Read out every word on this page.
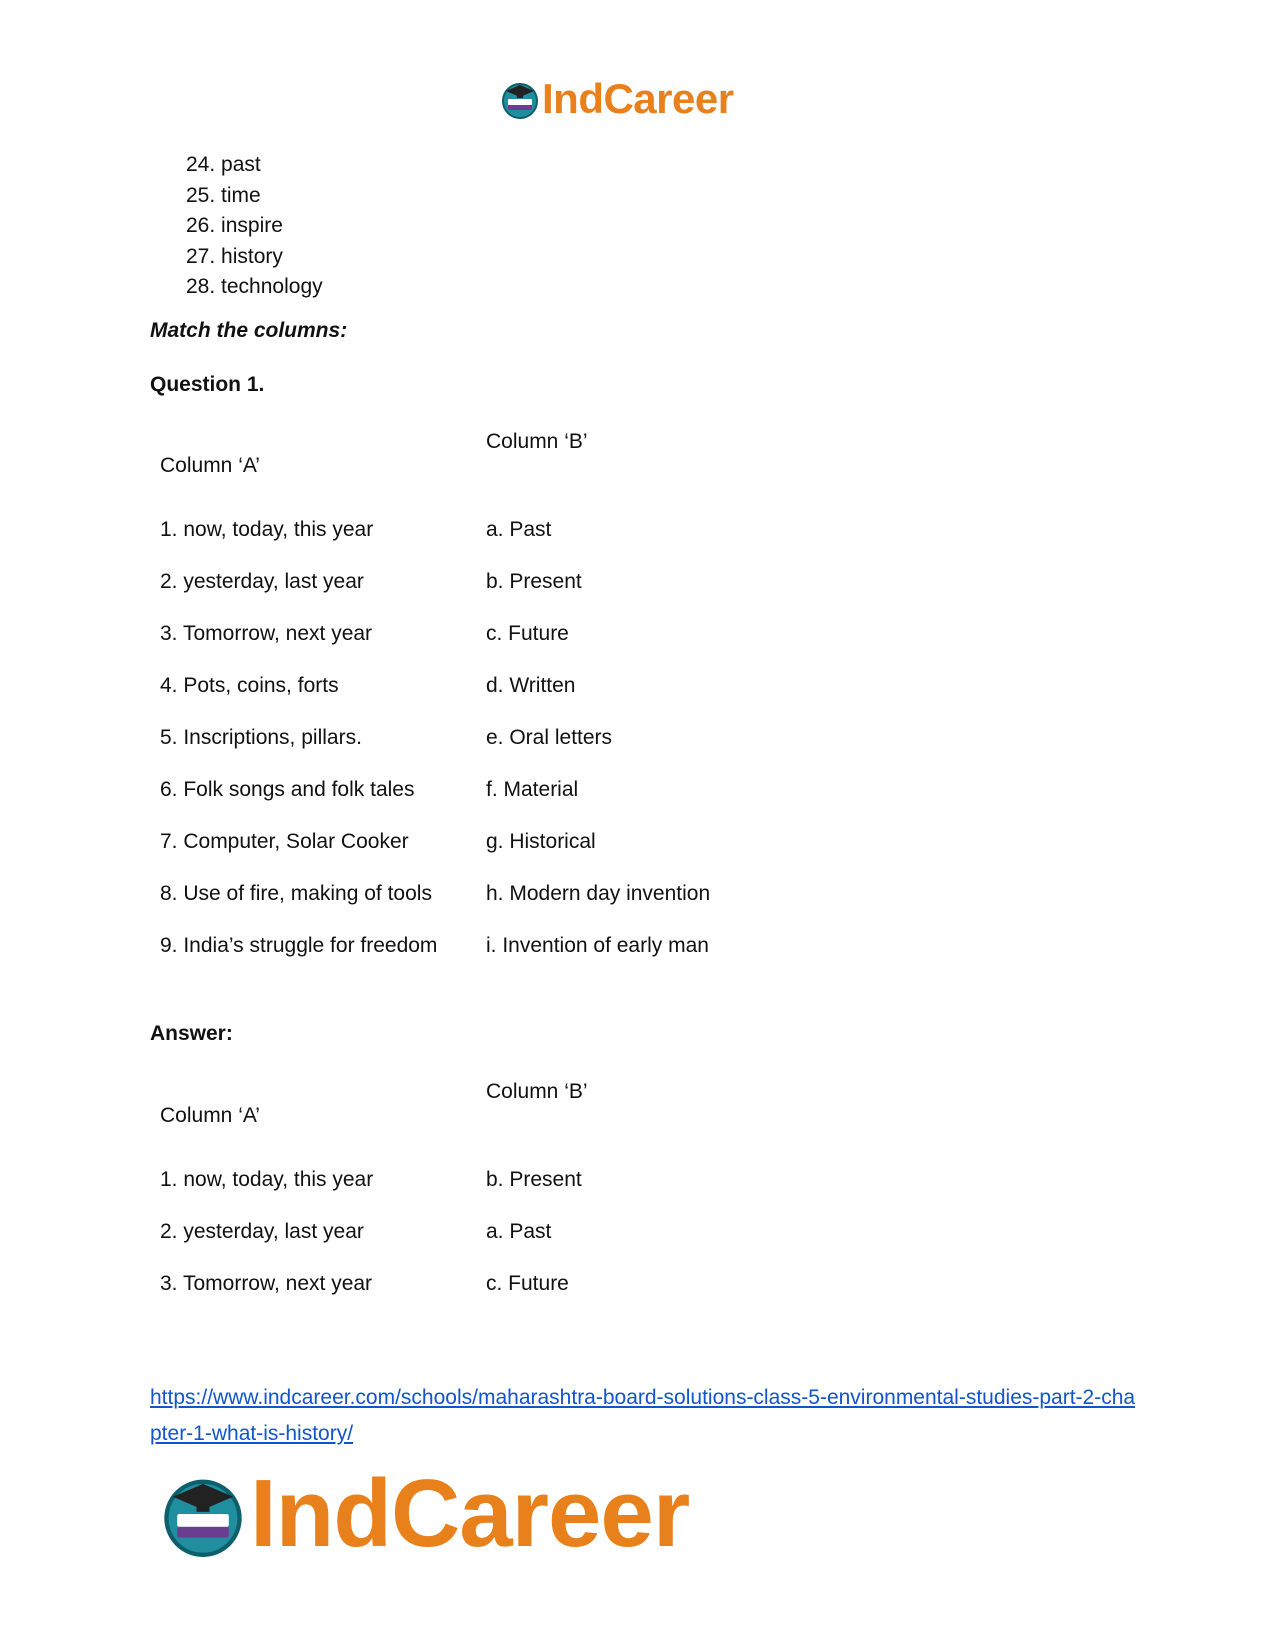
IndCareer
24. past
25. time
26. inspire
27. history
28. technology

Match the columns:

Question 1.

Column ‘A’
Column ‘B’
1. now, today, this year	a. Past
2. yesterday, last year	b. Present
3. Tomorrow, next year	c. Future
4. Pots, coins, forts	d. Written
5. Inscriptions, pillars.	e. Oral letters
6. Folk songs and folk tales	f. Material
7. Computer, Solar Cooker	g. Historical
8. Use of fire, making of tools	h. Modern day invention
9. India’s struggle for freedom i. Invention of early man

Answer:

Column ‘A’
Column ‘B’
1. now, today, this year	b. Present
2. yesterday, last year	a. Past
3. Tomorrow, next year	c. Future
https://www.indcareer.com/schools/maharashtra-board-solutions-class-5-environmental-studies-part-2-chapter-1-what-is-history/
IndCareer
